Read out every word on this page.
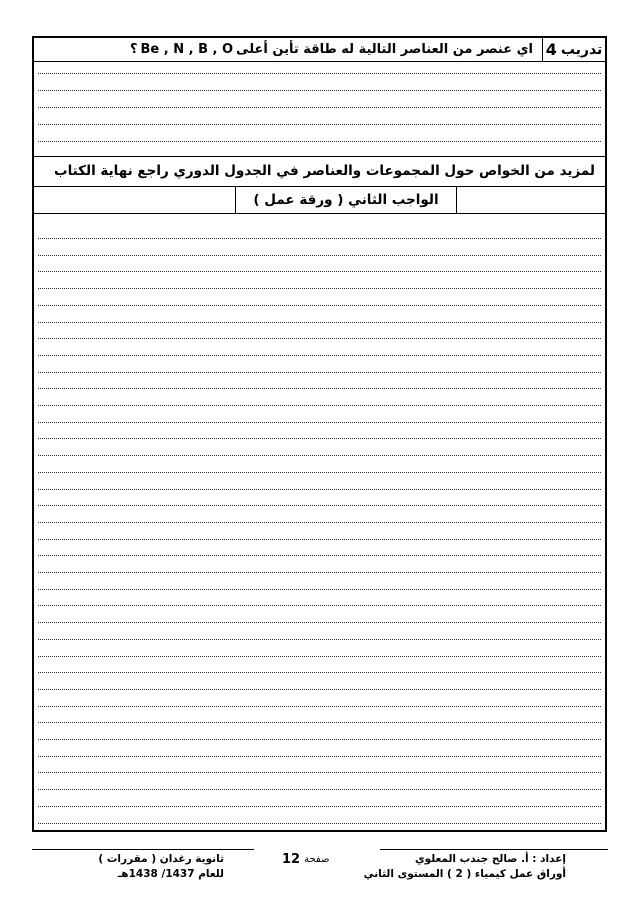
تدريب
4
اي عنصر من العناصر التالية له طاقة تأين أعلى
Be , N , B , O
؟
لمزيد من الخواص حول المجموعات والعناصر في الجدول الدوري راجع نهاية الكتاب
الواجب الثاني ( ورقة عمل )
إعداد : أ. صالح جندب المعلوي
أوراق عمل كيمياء ( 2 ) المستوى الثاني
ثانوية رغدان ( مقررات )
للعام 1437/ 1438هـ
صفحة
12
